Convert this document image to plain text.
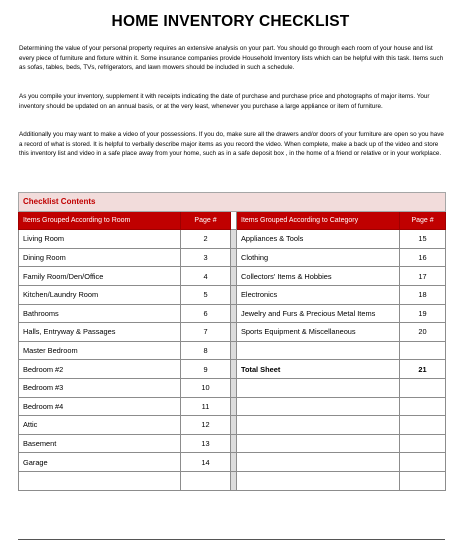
HOME INVENTORY CHECKLIST

Determining the value of your personal property requires an extensive analysis on your part. You should go through each room of your house and list every piece of furniture and fixture within it. Some insurance companies provide Household Inventory lists which can be helpful with this task. Items such as sofas, tables, beds, TVs, refrigerators, and lawn mowers should be included in such a schedule.

As you compile your inventory, supplement it with receipts indicating the date of purchase and purchase price and photographs of major items. Your inventory should be updated on an annual basis, or at the very least, whenever you purchase a large appliance or item of furniture.

Additionally you may want to make a video of your possessions. If you do, make sure all the drawers and/or doors of your furniture are open so you have a record of what is stored. It is helpful to verbally describe major items as you record the video. When complete, make a back up of the video and store this inventory list and video in a safe place away from your home, such as in a safe deposit box , in the home of a friend or relative or in your workplace.

Checklist Contents				
Items Grouped According to Room	Page #		Items Grouped According to Category	Page #
Living Room	2		Appliances & Tools	15
Dining Room	3		Clothing	16
Family Room/Den/Office	4		Collectors' Items & Hobbies	17
Kitchen/Laundry Room	5		Electronics	18
Bathrooms	6		Jewelry and Furs & Precious Metal Items	19
Halls, Entryway & Passages	7		Sports Equipment & Miscellaneous	20
Master Bedroom	8			
Bedroom #2	9		Total Sheet	21
Bedroom #3	10			
Bedroom #4	11			
Attic	12			
Basement	13			
Garage	14			
